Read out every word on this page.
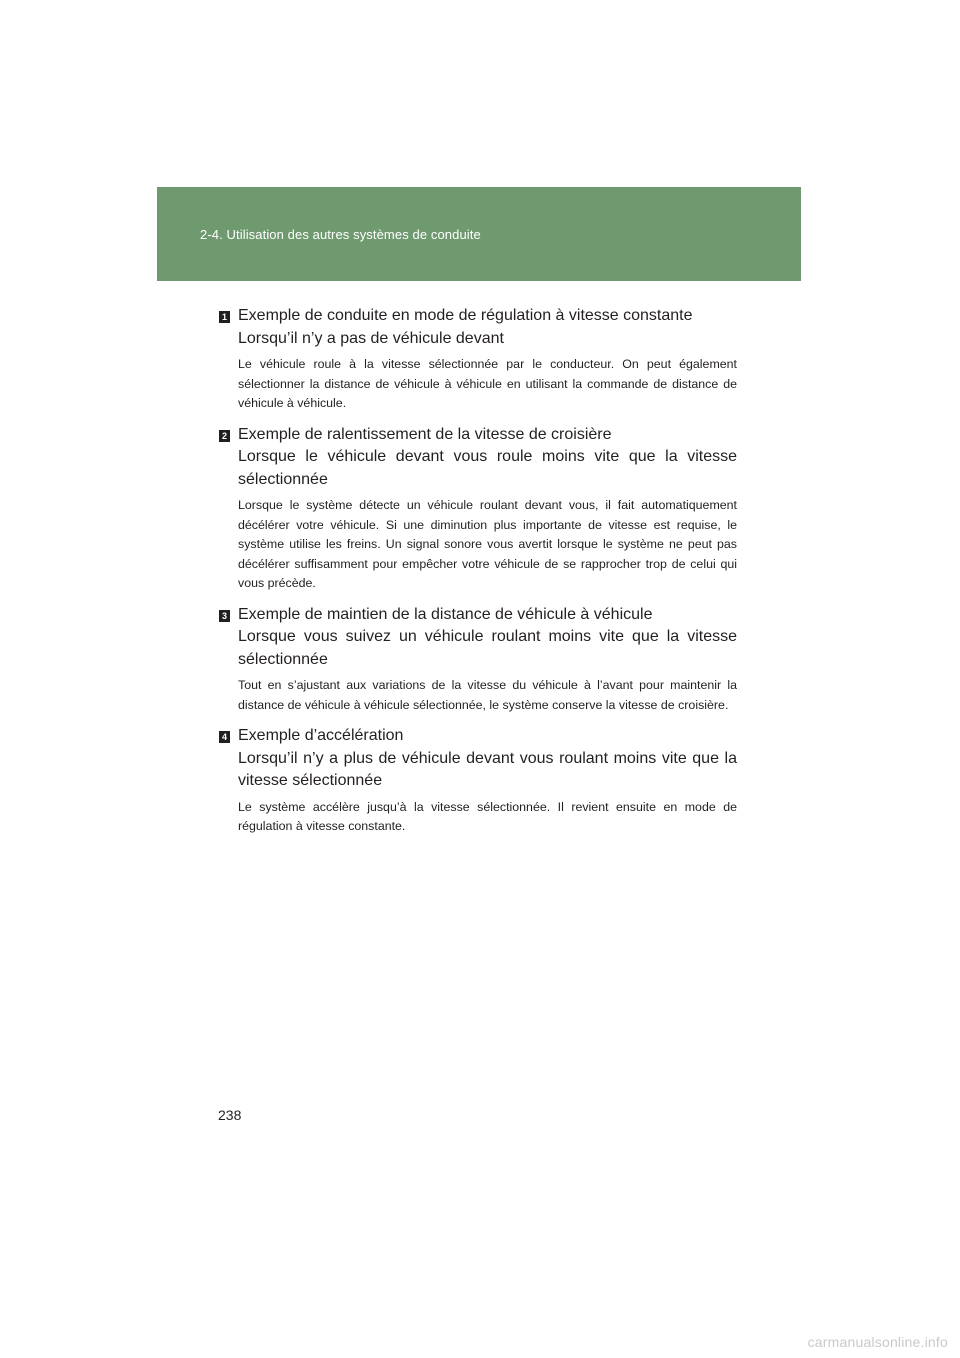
2-4. Utilisation des autres systèmes de conduite
1 Exemple de conduite en mode de régulation à vitesse constante
Lorsqu’il n’y a pas de véhicule devant
Le véhicule roule à la vitesse sélectionnée par le conducteur. On peut également sélectionner la distance de véhicule à véhicule en utilisant la commande de distance de véhicule à véhicule.
2 Exemple de ralentissement de la vitesse de croisière
Lorsque le véhicule devant vous roule moins vite que la vitesse sélectionnée
Lorsque le système détecte un véhicule roulant devant vous, il fait automatiquement décélérer votre véhicule. Si une diminution plus importante de vitesse est requise, le système utilise les freins. Un signal sonore vous avertit lorsque le système ne peut pas décélérer suffisamment pour empêcher votre véhicule de se rapprocher trop de celui qui vous précède.
3 Exemple de maintien de la distance de véhicule à véhicule
Lorsque vous suivez un véhicule roulant moins vite que la vitesse sélectionnée
Tout en s’ajustant aux variations de la vitesse du véhicule à l’avant pour maintenir la distance de véhicule à véhicule sélectionnée, le système conserve la vitesse de croisière.
4 Exemple d’accélération
Lorsqu’il n’y a plus de véhicule devant vous roulant moins vite que la vitesse sélectionnée
Le système accélère jusqu’à la vitesse sélectionnée. Il revient ensuite en mode de régulation à vitesse constante.
238
carmanualsonline.info
